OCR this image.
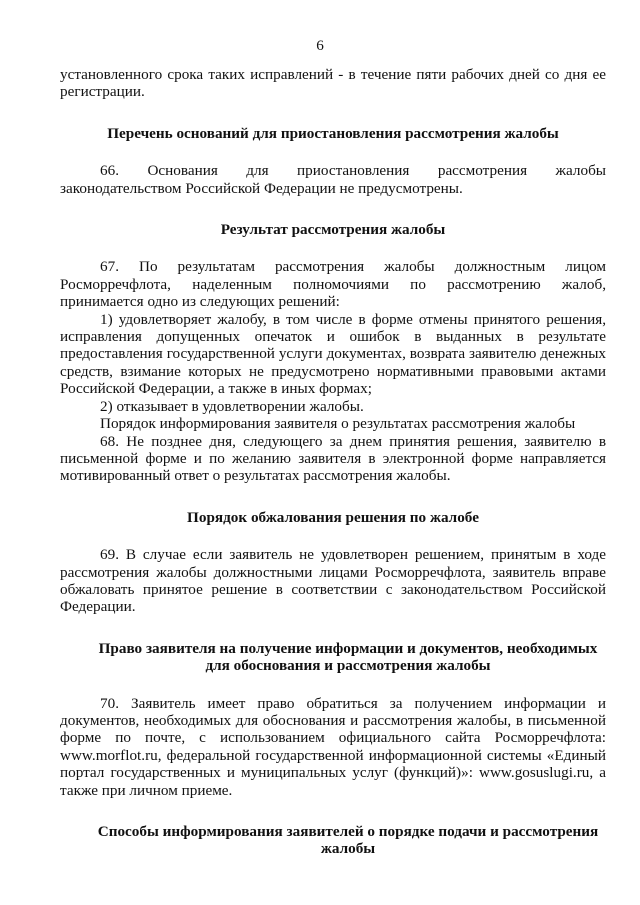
6

установленного срока таких исправлений - в течение пяти рабочих дней со дня ее регистрации.

Перечень оснований для приостановления рассмотрения жалобы

66. Основания для приостановления рассмотрения жалобы законодательством Российской Федерации не предусмотрены.

Результат рассмотрения жалобы

67. По результатам рассмотрения жалобы должностным лицом Росморречфлота, наделенным полномочиями по рассмотрению жалоб, принимается одно из следующих решений:

1) удовлетворяет жалобу, в том числе в форме отмены принятого решения, исправления допущенных опечаток и ошибок в выданных в результате предоставления государственной услуги документах, возврата заявителю денежных средств, взимание которых не предусмотрено нормативными правовыми актами Российской Федерации, а также в иных формах;

2) отказывает в удовлетворении жалобы.

Порядок информирования заявителя о результатах рассмотрения жалобы

68. Не позднее дня, следующего за днем принятия решения, заявителю в письменной форме и по желанию заявителя в электронной форме направляется мотивированный ответ о результатах рассмотрения жалобы.

Порядок обжалования решения по жалобе

69. В случае если заявитель не удовлетворен решением, принятым в ходе рассмотрения жалобы должностными лицами Росморречфлота, заявитель вправе обжаловать принятое решение в соответствии с законодательством Российской Федерации.

Право заявителя на получение информации и документов, необходимых для обоснования и рассмотрения жалобы

70. Заявитель имеет право обратиться за получением информации и документов, необходимых для обоснования и рассмотрения жалобы, в письменной форме по почте, с использованием официального сайта Росморречфлота: www.morflot.ru, федеральной государственной информационной системы «Единый портал государственных и муниципальных услуг (функций)»: www.gosuslugi.ru, а также при личном приеме.

Способы информирования заявителей о порядке подачи и рассмотрения жалобы
